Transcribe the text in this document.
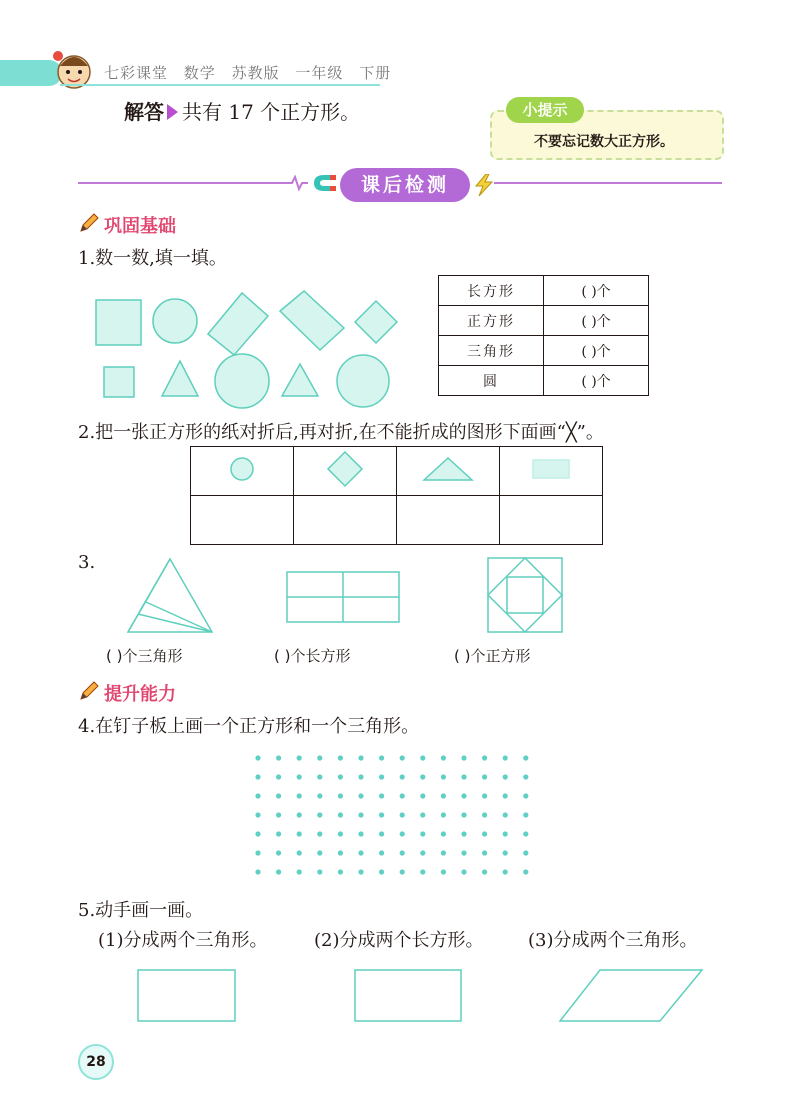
七彩课堂 数学 苏教版 一年级 下册
解答 共有 17 个正方形。	小提示
不要忘记数大正方形。
课后检测
巩固基础
1.数一数,填一填。
长方形	( )个
正方形	( )个
三角形	( )个
圆	( )个
2.把一张正方形的纸对折后,再对折,在不能折成的图形下面画“╳”。

3.
( )个三角形	( )个长方形	( )个正方形
提升能力
4.在钉子板上画一个正方形和一个三角形。
5.动手画一画。
(1)分成两个三角形。	(2)分成两个长方形。 (3)分成两个三角形。
28
